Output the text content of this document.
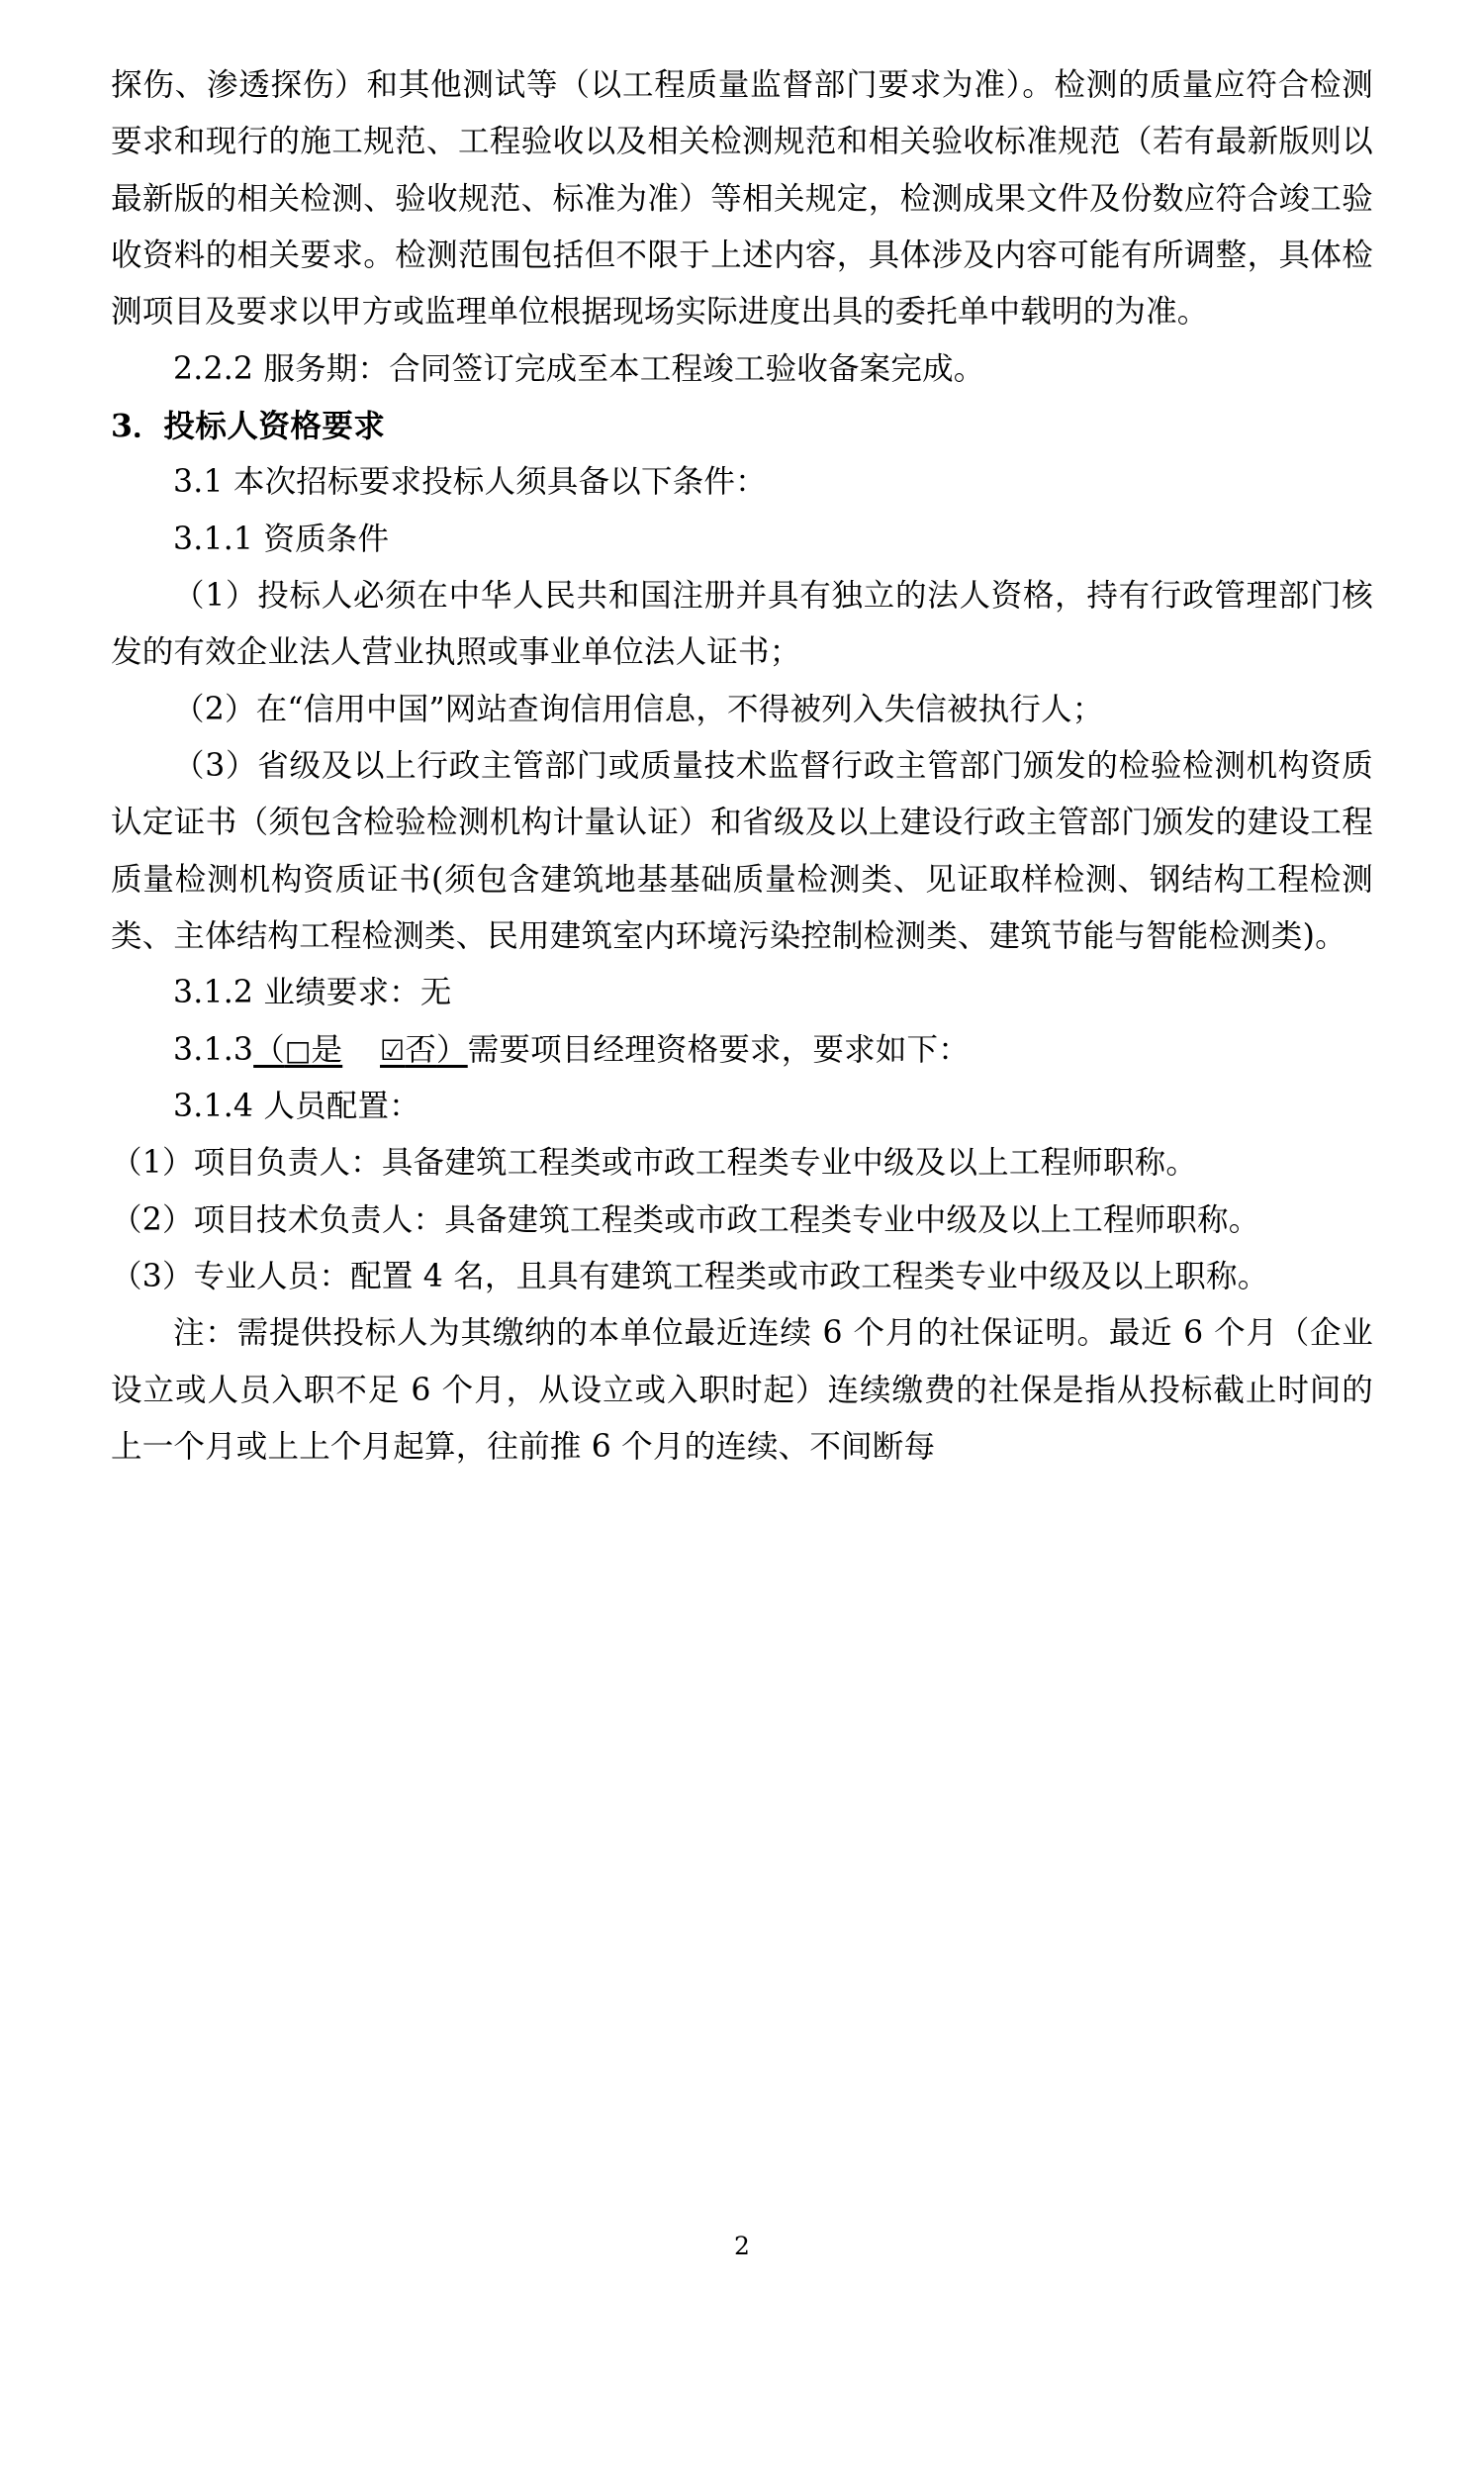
探伤、渗透探伤）和其他测试等（以工程质量监督部门要求为准）。检测的质量应符合检测要求和现行的施工规范、工程验收以及相关检测规范和相关验收标准规范（若有最新版则以最新版的相关检测、验收规范、标准为准）等相关规定，检测成果文件及份数应符合竣工验收资料的相关要求。检测范围包括但不限于上述内容，具体涉及内容可能有所调整，具体检测项目及要求以甲方或监理单位根据现场实际进度出具的委托单中载明的为准。

2.2.2 服务期：合同签订完成至本工程竣工验收备案完成。

3．投标人资格要求

3.1 本次招标要求投标人须具备以下条件：

3.1.1 资质条件

（1）投标人必须在中华人民共和国注册并具有独立的法人资格，持有行政管理部门核发的有效企业法人营业执照或事业单位法人证书；

（2）在“信用中国”网站查询信用信息，不得被列入失信被执行人；

（3）省级及以上行政主管部门或质量技术监督行政主管部门颁发的检验检测机构资质认定证书（须包含检验检测机构计量认证）和省级及以上建设行政主管部门颁发的建设工程质量检测机构资质证书(须包含建筑地基基础质量检测类、见证取样检测、钢结构工程检测类、主体结构工程检测类、民用建筑室内环境污染控制检测类、建筑节能与智能检测类)。

3.1.2 业绩要求：无

3.1.3（□是 ☑否）需要项目经理资格要求，要求如下：

3.1.4 人员配置：

（1）项目负责人：具备建筑工程类或市政工程类专业中级及以上工程师职称。

（2）项目技术负责人：具备建筑工程类或市政工程类专业中级及以上工程师职称。

（3）专业人员：配置 4 名，且具有建筑工程类或市政工程类专业中级及以上职称。

注：需提供投标人为其缴纳的本单位最近连续 6 个月的社保证明。最近 6 个月（企业设立或人员入职不足 6 个月，从设立或入职时起）连续缴费的社保是指从投标截止时间的上一个月或上上个月起算，往前推 6 个月的连续、不间断每

2
